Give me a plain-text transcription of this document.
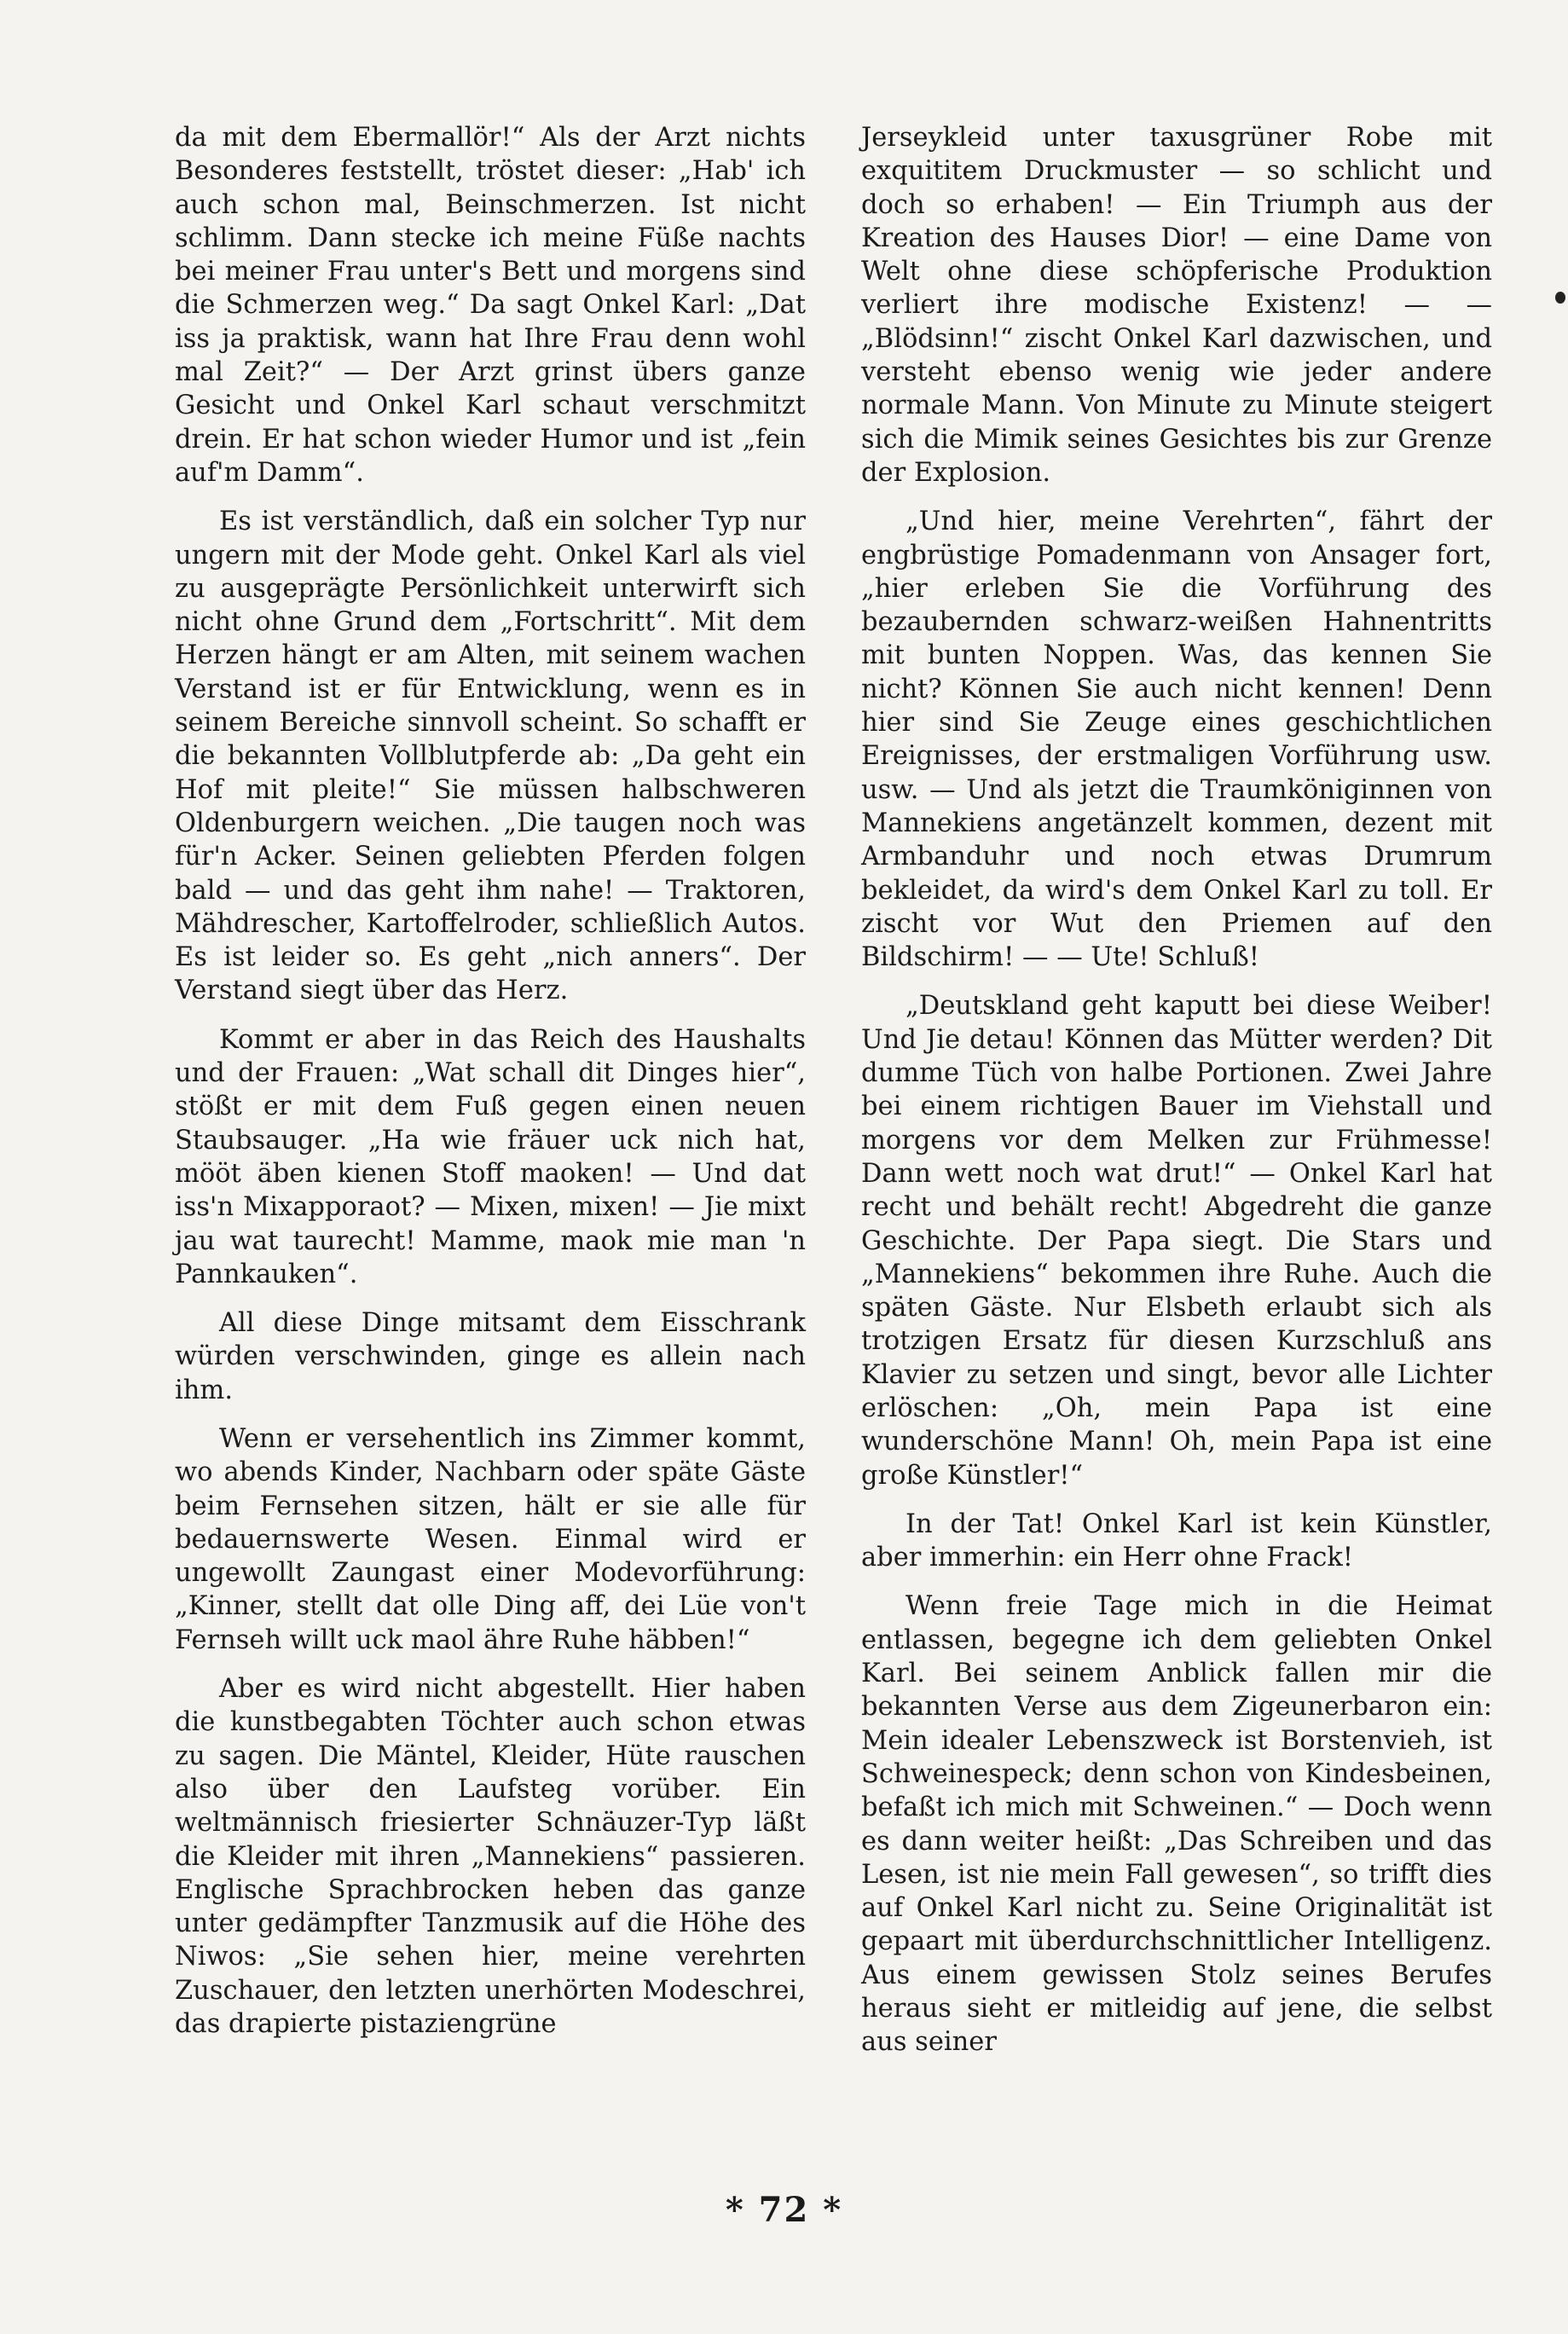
da mit dem Ebermallör!“ Als der Arzt nichts Besonderes feststellt, tröstet dieser: „Hab' ich auch schon mal, Beinschmerzen. Ist nicht schlimm. Dann stecke ich meine Füße nachts bei meiner Frau unter's Bett und morgens sind die Schmerzen weg.“ Da sagt Onkel Karl: „Dat iss ja praktisk, wann hat Ihre Frau denn wohl mal Zeit?“ — Der Arzt grinst übers ganze Gesicht und Onkel Karl schaut verschmitzt drein. Er hat schon wieder Humor und ist „fein auf'm Damm“.

Es ist verständlich, daß ein solcher Typ nur ungern mit der Mode geht. Onkel Karl als viel zu ausgeprägte Persönlichkeit unterwirft sich nicht ohne Grund dem „Fortschritt“. Mit dem Herzen hängt er am Alten, mit seinem wachen Verstand ist er für Entwicklung, wenn es in seinem Bereiche sinnvoll scheint. So schafft er die bekannten Vollblutpferde ab: „Da geht ein Hof mit pleite!“ Sie müssen halbschweren Oldenburgern weichen. „Die taugen noch was für'n Acker. Seinen geliebten Pferden folgen bald — und das geht ihm nahe! — Traktoren, Mähdrescher, Kartoffelroder, schließlich Autos. Es ist leider so. Es geht „nich anners“. Der Verstand siegt über das Herz.

Kommt er aber in das Reich des Haushalts und der Frauen: „Wat schall dit Dinges hier“, stößt er mit dem Fuß gegen einen neuen Staubsauger. „Ha wie fräuer uck nich hat, mööt äben kienen Stoff maoken! — Und dat iss'n Mixapporaot? — Mixen, mixen! — Jie mixt jau wat taurecht! Mamme, maok mie man 'n Pannkauken“.

All diese Dinge mitsamt dem Eisschrank würden verschwinden, ginge es allein nach ihm.

Wenn er versehentlich ins Zimmer kommt, wo abends Kinder, Nachbarn oder späte Gäste beim Fernsehen sitzen, hält er sie alle für bedauernswerte Wesen. Einmal wird er ungewollt Zaungast einer Modevorführung: „Kinner, stellt dat olle Ding aff, dei Lüe von't Fernseh willt uck maol ähre Ruhe häbben!“

Aber es wird nicht abgestellt. Hier haben die kunstbegabten Töchter auch schon etwas zu sagen. Die Mäntel, Kleider, Hüte rauschen also über den Laufsteg vorüber. Ein weltmännisch friesierter Schnäuzer-Typ läßt die Kleider mit ihren „Mannekiens“ passieren. Englische Sprachbrocken heben das ganze unter gedämpfter Tanzmusik auf die Höhe des Niwos: „Sie sehen hier, meine verehrten Zuschauer, den letzten unerhörten Modeschrei, das drapierte pistaziengrüne

Jerseykleid unter taxusgrüner Robe mit exquititem Druckmuster — so schlicht und doch so erhaben! — Ein Triumph aus der Kreation des Hauses Dior! — eine Dame von Welt ohne diese schöpferische Produktion verliert ihre modische Existenz! — — „Blödsinn!“ zischt Onkel Karl dazwischen, und versteht ebenso wenig wie jeder andere normale Mann. Von Minute zu Minute steigert sich die Mimik seines Gesichtes bis zur Grenze der Explosion.

„Und hier, meine Verehrten“, fährt der engbrüstige Pomadenmann von Ansager fort, „hier erleben Sie die Vorführung des bezaubernden schwarz-weißen Hahnentritts mit bunten Noppen. Was, das kennen Sie nicht? Können Sie auch nicht kennen! Denn hier sind Sie Zeuge eines geschichtlichen Ereignisses, der erstmaligen Vorführung usw. usw. — Und als jetzt die Traumköniginnen von Mannekiens angetänzelt kommen, dezent mit Armbanduhr und noch etwas Drumrum bekleidet, da wird's dem Onkel Karl zu toll. Er zischt vor Wut den Priemen auf den Bildschirm! — — Ute! Schluß!

„Deutskland geht kaputt bei diese Weiber! Und Jie detau! Können das Mütter werden? Dit dumme Tüch von halbe Portionen. Zwei Jahre bei einem richtigen Bauer im Viehstall und morgens vor dem Melken zur Frühmesse! Dann wett noch wat drut!“ — Onkel Karl hat recht und behält recht! Abgedreht die ganze Geschichte. Der Papa siegt. Die Stars und „Mannekiens“ bekommen ihre Ruhe. Auch die späten Gäste. Nur Elsbeth erlaubt sich als trotzigen Ersatz für diesen Kurzschluß ans Klavier zu setzen und singt, bevor alle Lichter erlöschen: „Oh, mein Papa ist eine wunderschöne Mann! Oh, mein Papa ist eine große Künstler!“

In der Tat! Onkel Karl ist kein Künstler, aber immerhin: ein Herr ohne Frack!

Wenn freie Tage mich in die Heimat entlassen, begegne ich dem geliebten Onkel Karl. Bei seinem Anblick fallen mir die bekannten Verse aus dem Zigeunerbaron ein: Mein idealer Lebenszweck ist Borstenvieh, ist Schweinespeck; denn schon von Kindesbeinen, befaßt ich mich mit Schweinen.“ — Doch wenn es dann weiter heißt: „Das Schreiben und das Lesen, ist nie mein Fall gewesen“, so trifft dies auf Onkel Karl nicht zu. Seine Originalität ist gepaart mit überdurchschnittlicher Intelligenz. Aus einem gewissen Stolz seines Berufes heraus sieht er mitleidig auf jene, die selbst aus seiner

* 72 *
